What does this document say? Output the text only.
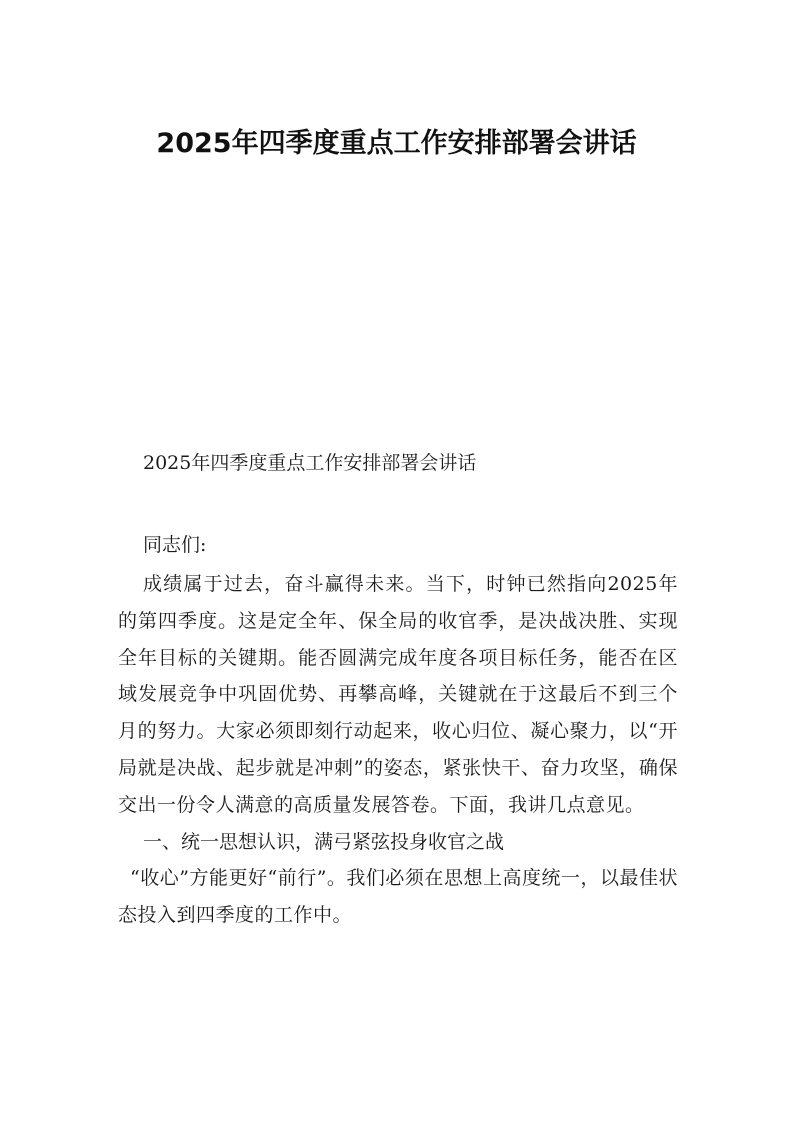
2025年四季度重点工作安排部署会讲话

2025年四季度重点工作安排部署会讲话

同志们:

成绩属于过去，奋斗赢得未来。当下，时钟已然指向2025年的第四季度。这是定全年、保全局的收官季，是决战决胜、实现全年目标的关键期。能否圆满完成年度各项目标任务，能否在区域发展竞争中巩固优势、再攀高峰，关键就在于这最后不到三个月的努力。大家必须即刻行动起来，收心归位、凝心聚力，以“开局就是决战、起步就是冲刺”的姿态，紧张快干、奋力攻坚，确保交出一份令人满意的高质量发展答卷。下面，我讲几点意见。

一、统一思想认识，满弓紧弦投身收官之战

“收心”方能更好“前行”。我们必须在思想上高度统一，以最佳状态投入到四季度的工作中。
